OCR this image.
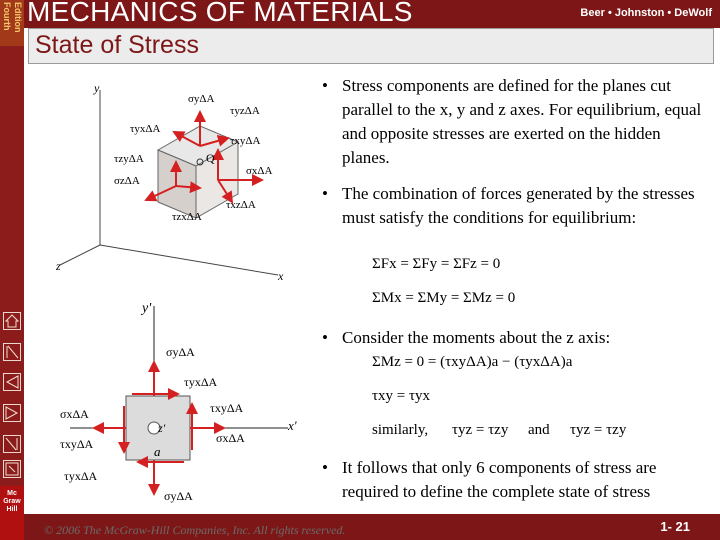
Fourth Edition
Mc
Graw
Hill
MECHANICS OF MATERIALS	Beer • Johnston • DeWolf
State of Stress
y
σyΔA
τyzΔA
τyxΔA
τxyΔA
σxΔA
τzyΔA	Q
σzΔA
τzxΔA
τxzΔA
z
x
y'
σyΔA
τyxΔA
τxyΔA
σxΔA
σxΔA
τxyΔA
z'
a
x'
τyxΔA
σyΔA
• Stress components are defined for the planes cut parallel to the x, y and z axes. For equilibrium, equal and opposite stresses are exerted on the hidden planes.
• The combination of forces generated by the stresses must satisfy the conditions for equilibrium:
ΣFx = ΣFy = ΣFz = 0
ΣMx = ΣMy = ΣMz = 0
• Consider the moments about the z axis:
ΣMz = 0 = (τxyΔA)a − (τyxΔA)a
τxy = τyx
similarly, τyz = τzy and τyz = τzy
• It follows that only 6 components of stress are required to define the complete state of stress
© 2006 The McGraw-Hill Companies, Inc. All rights reserved.	1- 21
